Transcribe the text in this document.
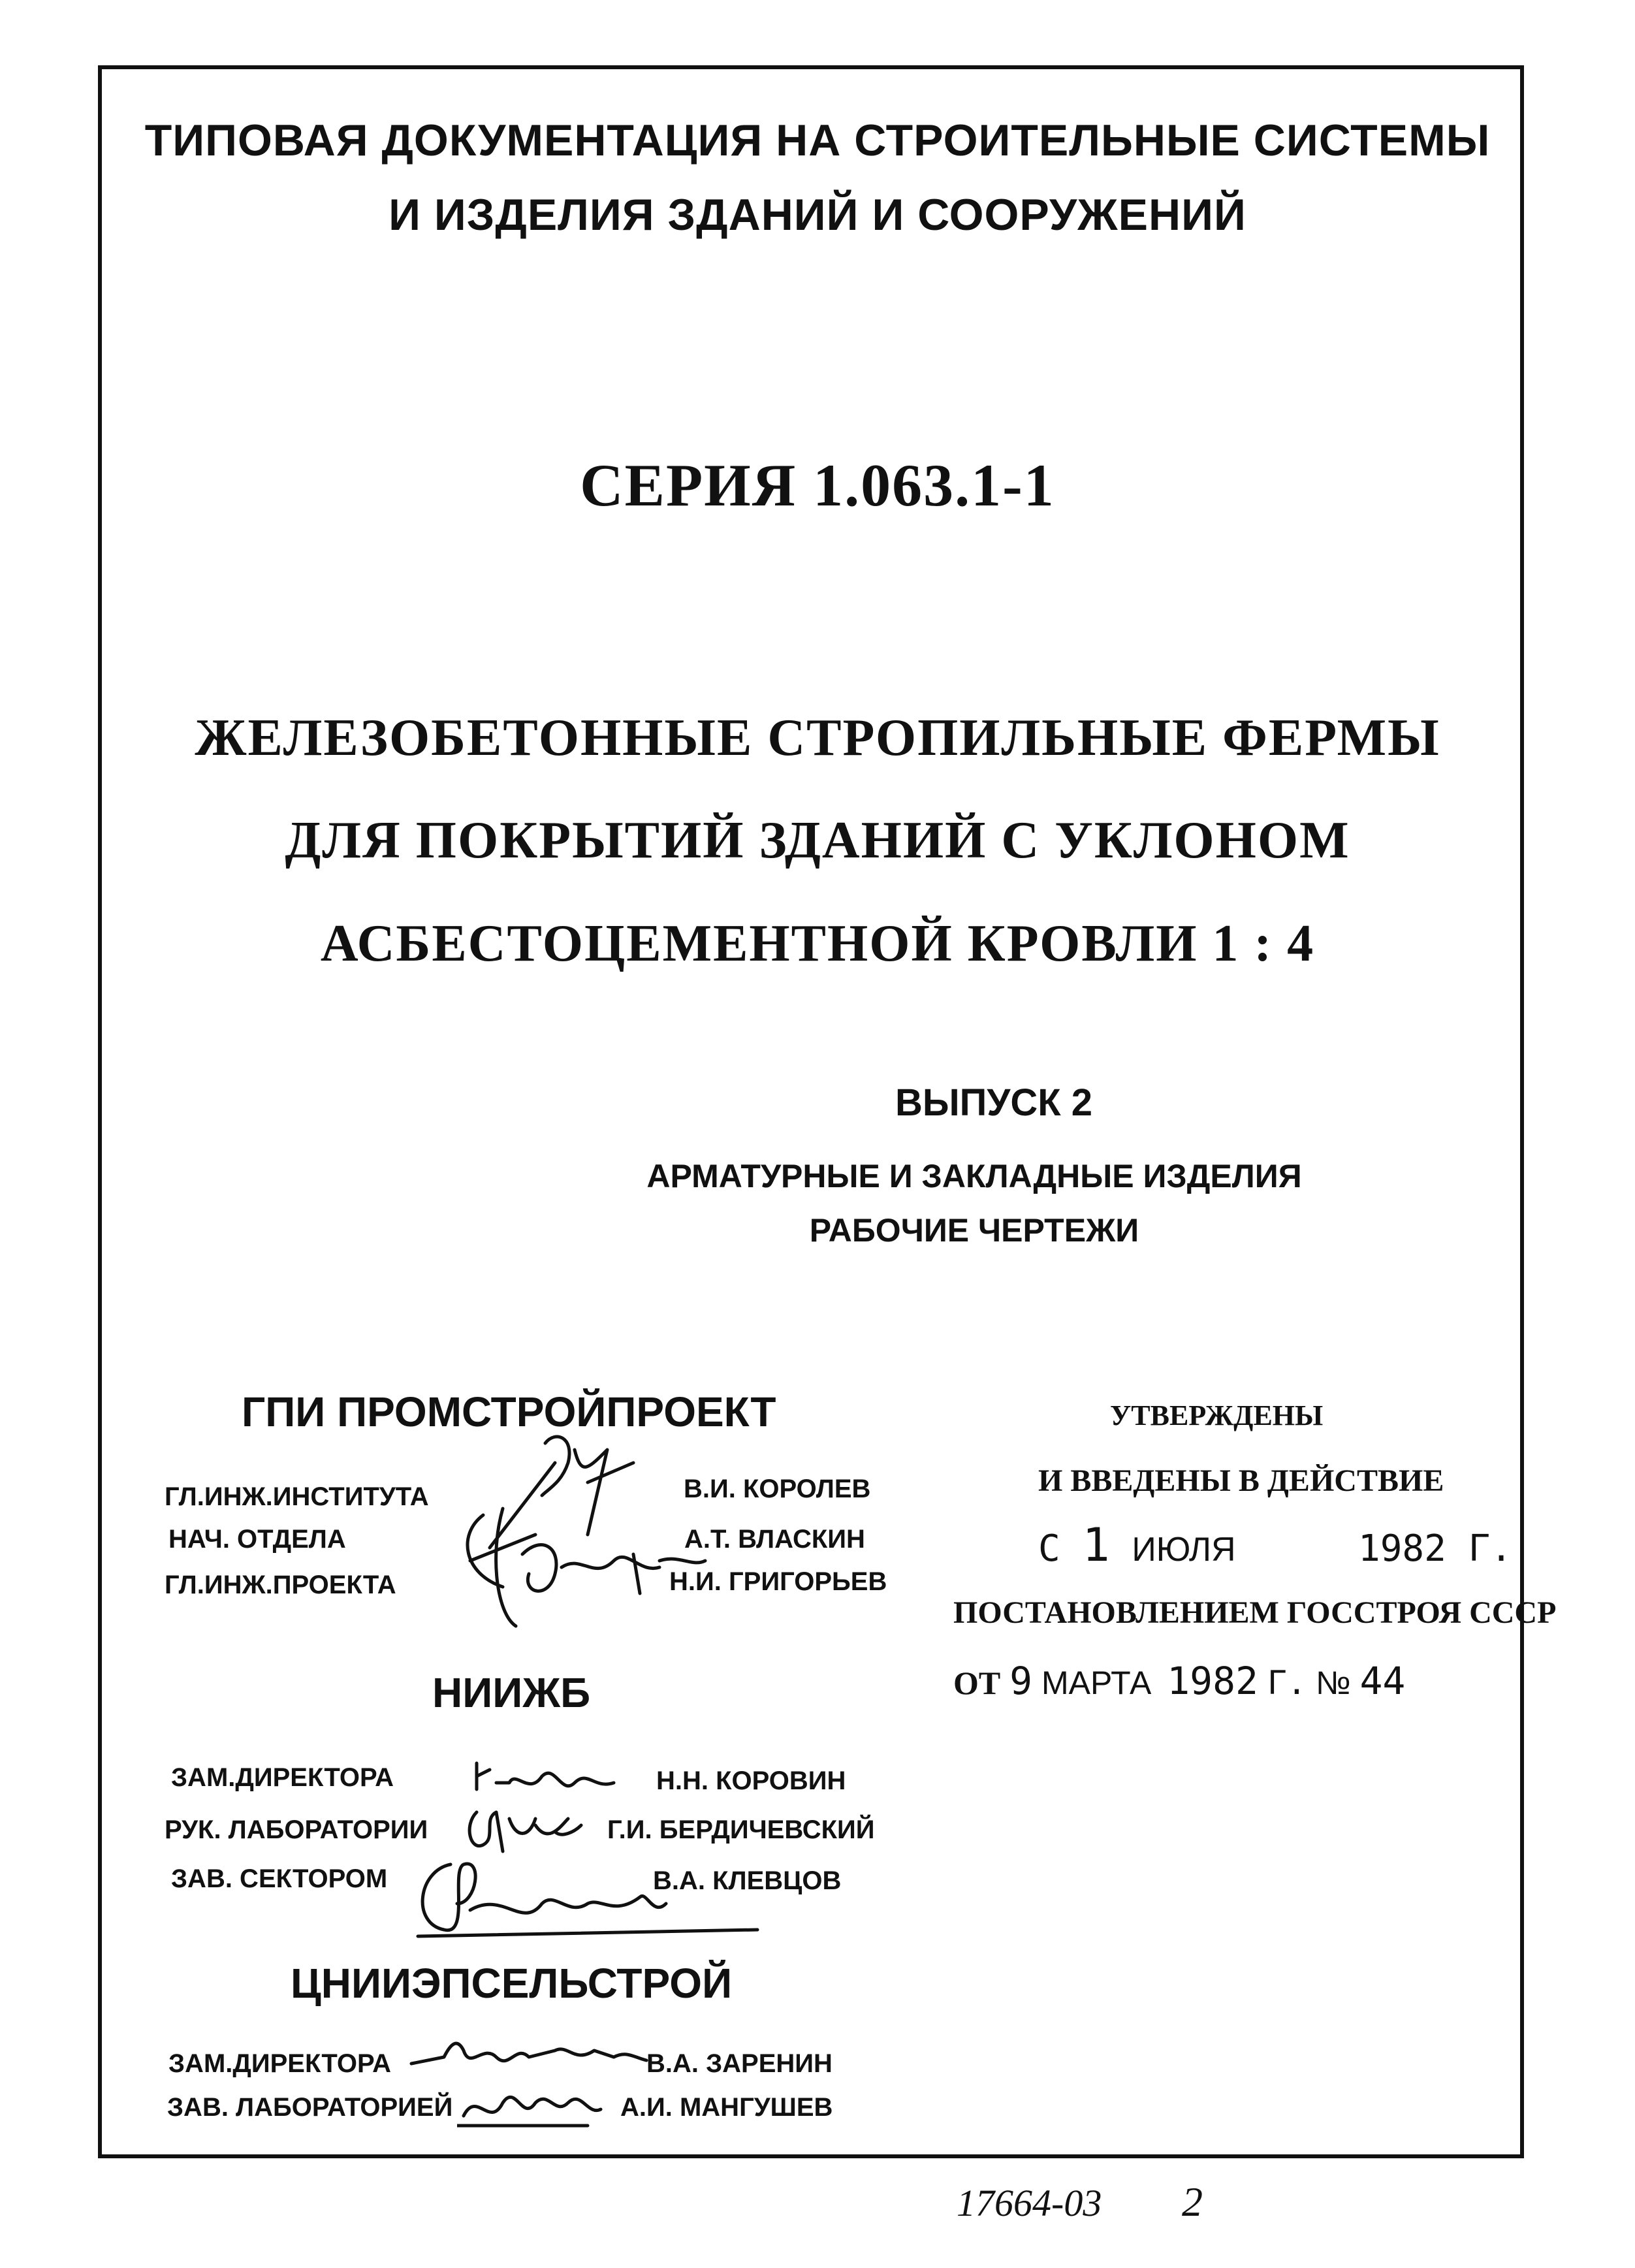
ТИПОВАЯ ДОКУМЕНТАЦИЯ НА СТРОИТЕЛЬНЫЕ СИСТЕМЫ
И ИЗДЕЛИЯ ЗДАНИЙ И СООРУЖЕНИЙ
СЕРИЯ 1.063.1-1
ЖЕЛЕЗОБЕТОННЫЕ СТРОПИЛЬНЫЕ ФЕРМЫ
ДЛЯ ПОКРЫТИЙ ЗДАНИЙ С УКЛОНОМ
АСБЕСТОЦЕМЕНТНОЙ КРОВЛИ 1 : 4
ВЫПУСК 2
АРМАТУРНЫЕ И ЗАКЛАДНЫЕ ИЗДЕЛИЯ
РАБОЧИЕ ЧЕРТЕЖИ
ГПИ ПРОМСТРОЙПРОЕКТ
ГЛ.ИНЖ.ИНСТИТУТА	В.И. КОРОЛЕВ
НАЧ. ОТДЕЛА	А.Т. ВЛАСКИН
ГЛ.ИНЖ.ПРОЕКТА	Н.И. ГРИГОРЬЕВ
НИИЖБ
ЗАМ.ДИРЕКТОРА	Н.Н. КОРОВИН
РУК. ЛАБОРАТОРИИ	Г.И. БЕРДИЧЕВСКИЙ
ЗАВ. СЕКТОРОМ	В.А. КЛЕВЦОВ
ЦНИИЭПСЕЛЬСТРОЙ
ЗАМ.ДИРЕКТОРА	В.А. ЗАРЕНИН
ЗАВ. ЛАБОРАТОРИЕЙ	А.И. МАНГУШЕВ
УТВЕРЖДЕНЫ
И ВВЕДЕНЫ В ДЕЙСТВИЕ
С 1 ИЮЛЯ	1982 Г.
ПОСТАНОВЛЕНИЕМ ГОССТРОЯ СССР
ОТ 9 МАРТА 1982 Г. № 44
17664-03 2
